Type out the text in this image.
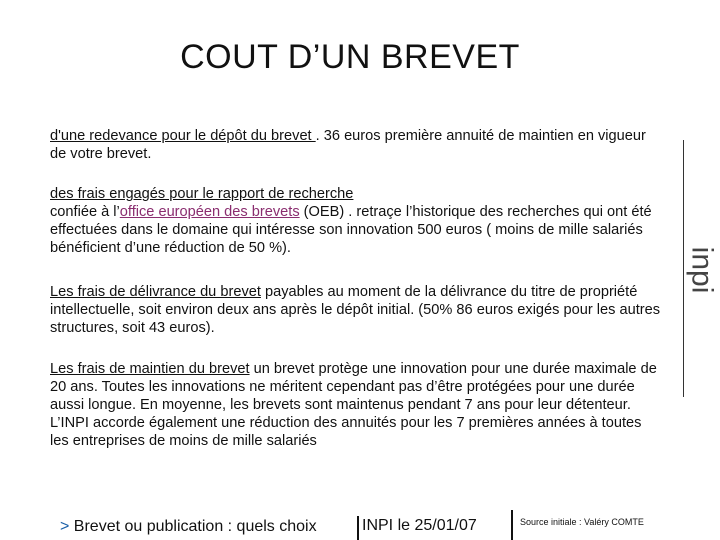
COUT D’UN BREVET
inpi
d'une redevance pour le dépôt du brevet . 36 euros première annuité de maintien en vigueur de votre brevet.
des frais engagés pour le rapport de recherche
confiée à l’office européen des brevets (OEB) . retraçe l’historique des recherches qui ont été effectuées dans le domaine qui intéresse son innovation 500 euros ( moins de mille salariés bénéficient d’une réduction de 50 %).
Les frais de délivrance du brevet payables au moment de la délivrance du titre de propriété intellectuelle, soit environ deux ans après le dépôt initial. (50% 86 euros exigés pour les autres structures, soit 43 euros).
Les frais de maintien du brevet un brevet protège une innovation pour une durée maximale de 20 ans. Toutes les innovations ne méritent cependant pas d’être protégées pour une durée aussi longue. En moyenne, les brevets sont maintenus pendant 7 ans pour leur détenteur. L’INPI accorde également une réduction des annuités pour les 7 premières années à toutes les entreprises de moins de mille salariés
> Brevet ou publication : quels choix	INPI le 25/01/07	Source initiale : Valéry COMTE
